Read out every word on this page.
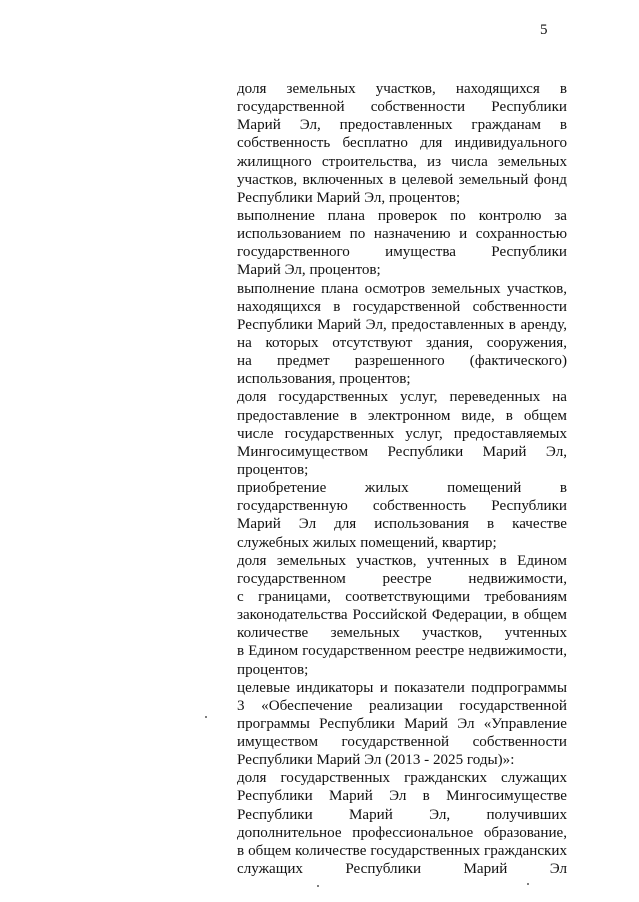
5
доля земельных участков, находящихся в
государственной собственности Республики
Марий Эл, предоставленных гражданам в
собственность бесплатно для индивидуального
жилищного строительства, из числа земельных
участков, включенных в целевой земельный фонд
Республики Марий Эл, процентов;
выполнение плана проверок по контролю за
использованием по назначению и сохранностью
государственного имущества Республики
Марий Эл, процентов;
выполнение плана осмотров земельных участков,
находящихся в государственной собственности
Республики Марий Эл, предоставленных в аренду,
на которых отсутствуют здания, сооружения,
на предмет разрешенного (фактического)
использования, процентов;
доля государственных услуг, переведенных на
предоставление в электронном виде, в общем
числе государственных услуг, предоставляемых
Мингосимуществом Республики Марий Эл,
процентов;
приобретение жилых помещений в
государственную собственность Республики
Марий Эл для использования в качестве
служебных жилых помещений, квартир;
доля земельных участков, учтенных в Едином
государственном реестре недвижимости,
с границами, соответствующими требованиям
законодательства Российской Федерации, в общем
количестве земельных участков, учтенных
в Едином государственном реестре недвижимости,
процентов;
целевые индикаторы и показатели подпрограммы
3 «Обеспечение реализации государственной
программы Республики Марий Эл «Управление
имуществом государственной собственности
Республики Марий Эл (2013 - 2025 годы)»:
доля государственных гражданских служащих
Республики Марий Эл в Мингосимуществе
Республики Марий Эл, получивших
дополнительное профессиональное образование,
в общем количестве государственных гражданских
служащих Республики Марий Эл
